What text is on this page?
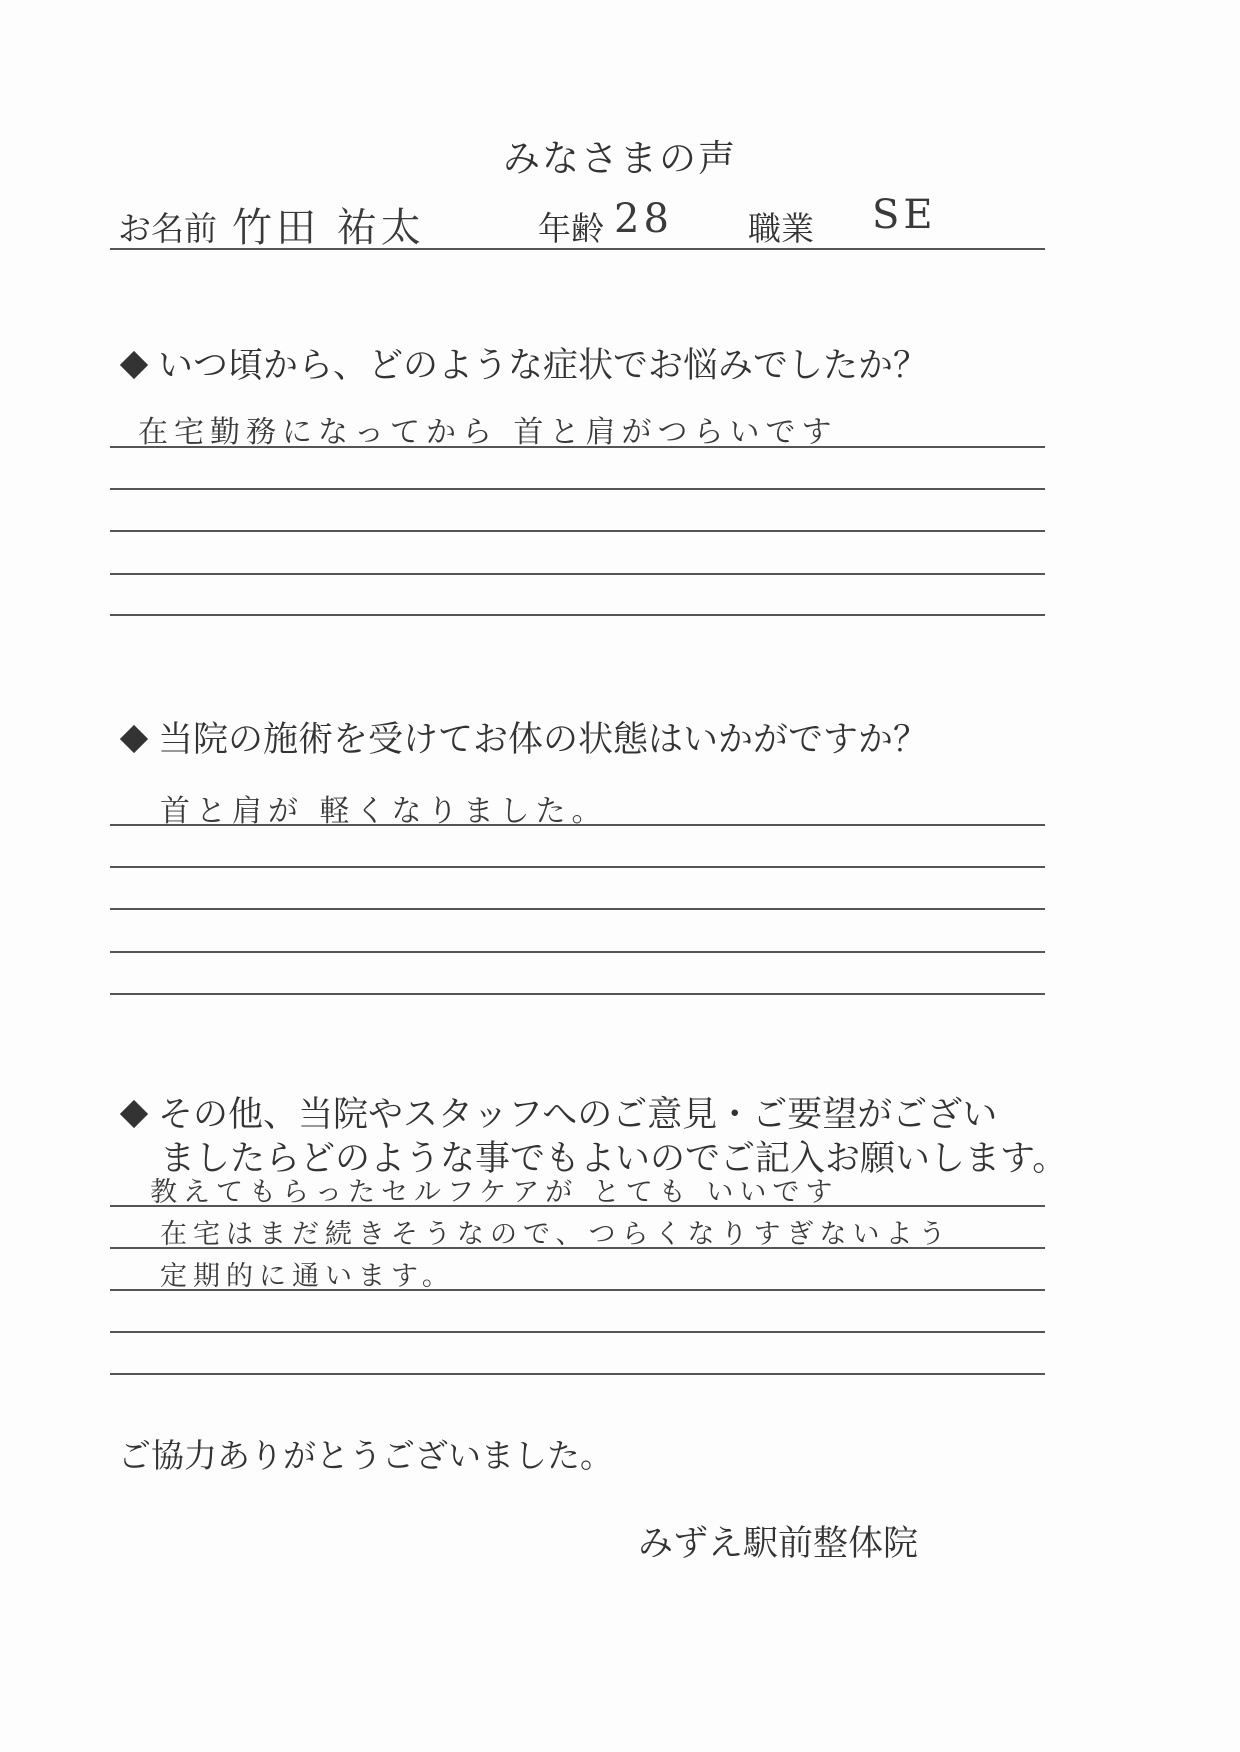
みなさまの声
お名前 竹田 祐太	年齢 28 職業 SE
いつ頃から、どのような症状でお悩みでしたか？
在宅勤務になってから 首と肩がつらいです
当院の施術を受けてお体の状態はいかがですか？
首と肩が 軽くなりました。
その他、当院やスタッフへのご意見・ご要望がござい
ましたらどのような事でもよいのでご記入お願いします。
教えてもらったセルフケアが とても いいです
在宅はまだ続きそうなので、つらくなりすぎないよう
定期的に通います。
ご協力ありがとうございました。
みずえ駅前整体院
